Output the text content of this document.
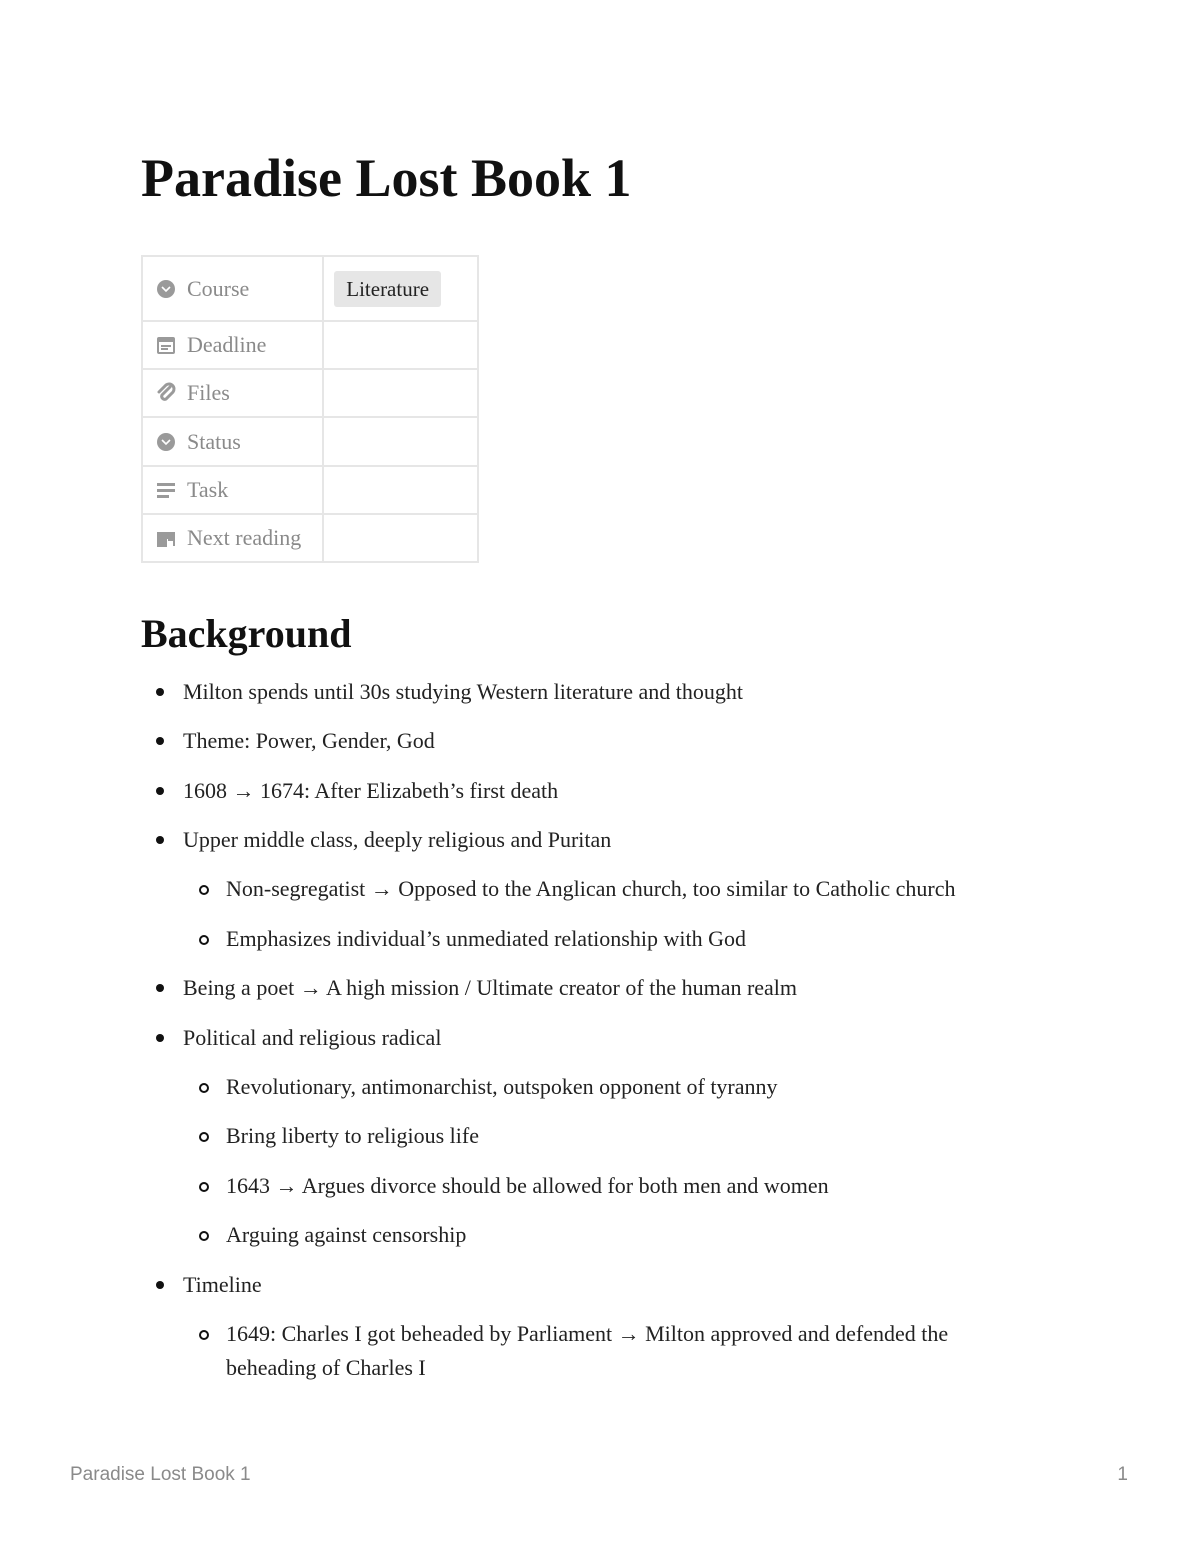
Paradise Lost Book 1
Course	Literature

Deadline	

Files	

Status	

Task	

Next reading	

Background
Milton spends until 30s studying Western literature and thought
Theme: Power, Gender, God
1608 → 1674: After Elizabeth’s first death
Upper middle class, deeply religious and Puritan
Non-segregatist → Opposed to the Anglican church, too similar to Catholic church
Emphasizes individual’s unmediated relationship with God
Being a poet → A high mission / Ultimate creator of the human realm
Political and religious radical
Revolutionary, antimonarchist, outspoken opponent of tyranny
Bring liberty to religious life
1643 → Argues divorce should be allowed for both men and women
Arguing against censorship
Timeline
1649: Charles I got beheaded by Parliament → Milton approved and defended the beheading of Charles I
Paradise Lost Book 1	1
